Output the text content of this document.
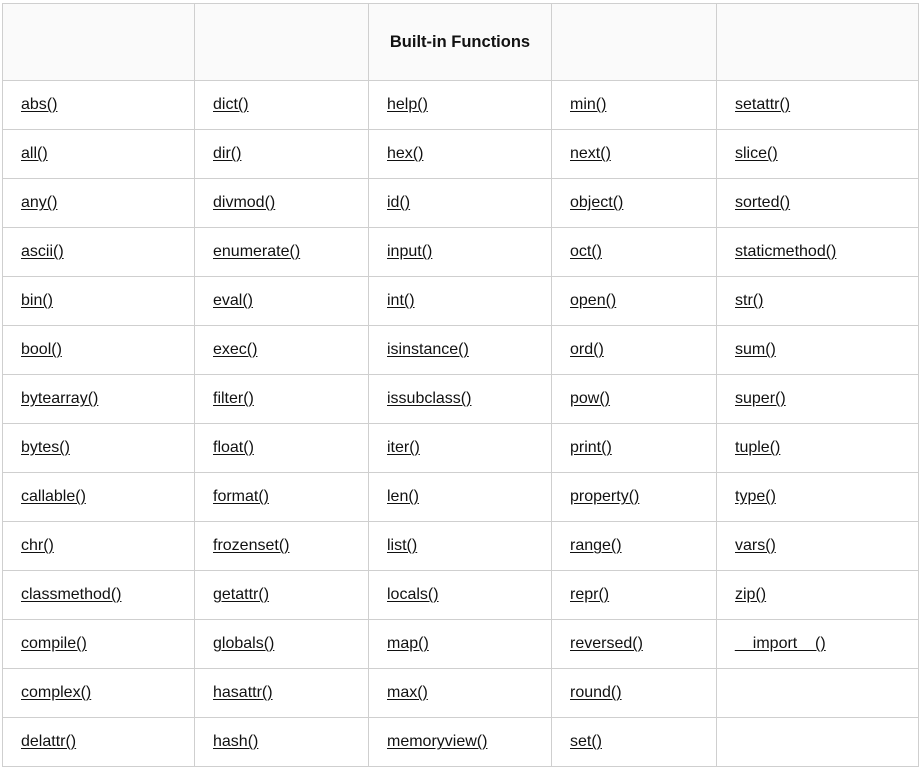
		Built-in Functions		
abs()	dict()	help()	min()	setattr()
all()	dir()	hex()	next()	slice()
any()	divmod()	id()	object()	sorted()
ascii()	enumerate()	input()	oct()	staticmethod()
bin()	eval()	int()	open()	str()
bool()	exec()	isinstance()	ord()	sum()
bytearray()	filter()	issubclass()	pow()	super()
bytes()	float()	iter()	print()	tuple()
callable()	format()	len()	property()	type()
chr()	frozenset()	list()	range()	vars()
classmethod()	getattr()	locals()	repr()	zip()
compile()	globals()	map()	reversed()	__import__()
complex()	hasattr()	max()	round()	
delattr()	hash()	memoryview()	set()	
